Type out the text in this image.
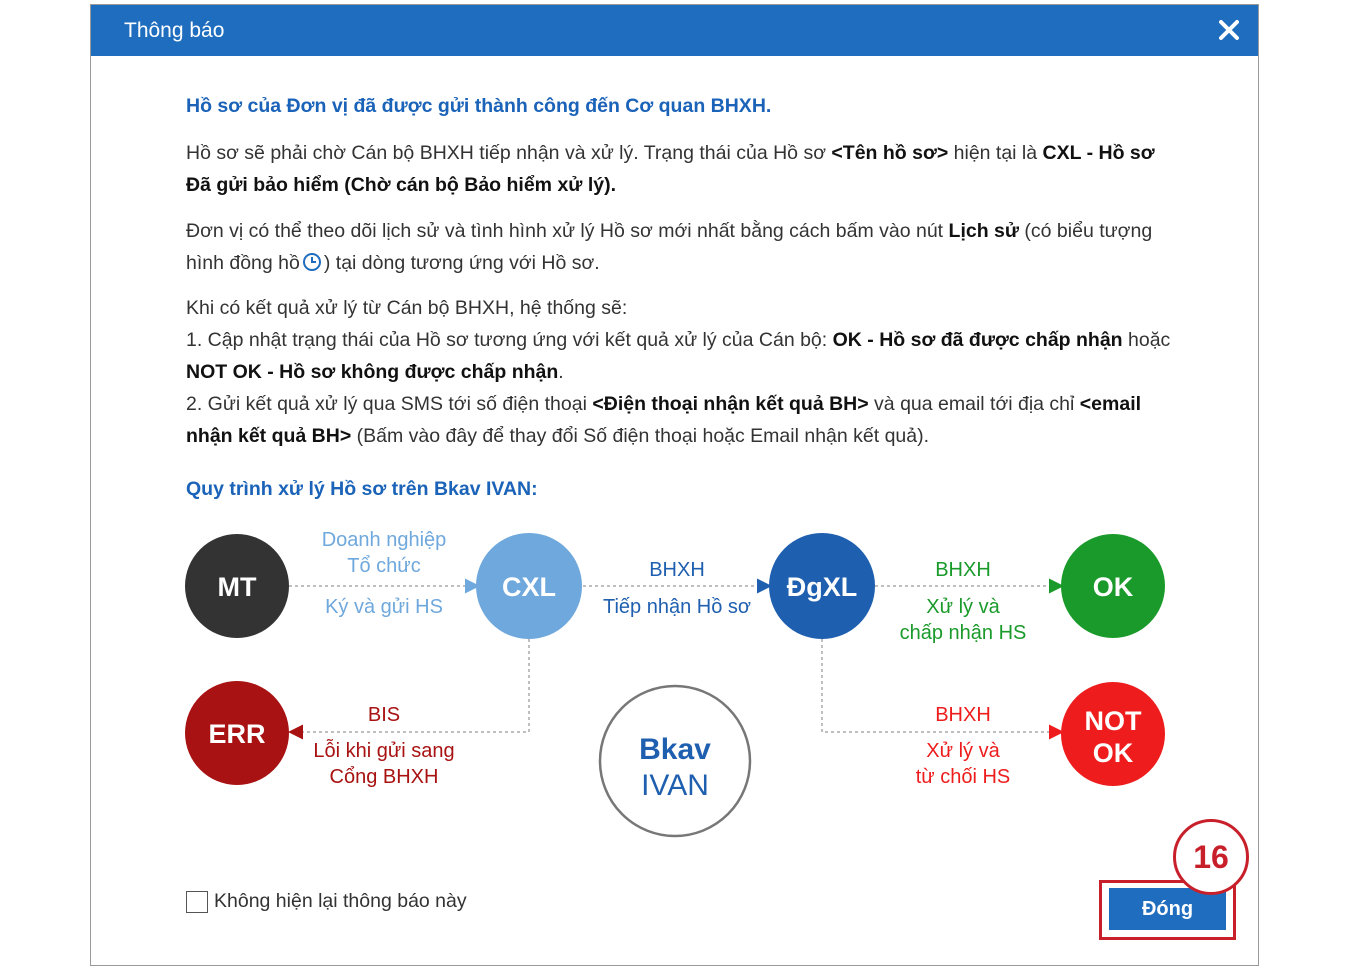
Thông báo

Hồ sơ của Đơn vị đã được gửi thành công đến Cơ quan BHXH.

Hồ sơ sẽ phải chờ Cán bộ BHXH tiếp nhận và xử lý. Trạng thái của Hồ sơ <Tên hồ sơ> hiện tại là CXL - Hồ sơ Đã gửi bảo hiểm (Chờ cán bộ Bảo hiểm xử lý).

Đơn vị có thể theo dõi lịch sử và tình hình xử lý Hồ sơ mới nhất bằng cách bấm vào nút Lịch sử (có biểu tượng hình đồng hồ ) tại dòng tương ứng với Hồ sơ.

Khi có kết quả xử lý từ Cán bộ BHXH, hệ thống sẽ:

1. Cập nhật trạng thái của Hồ sơ tương ứng với kết quả xử lý của Cán bộ: OK - Hồ sơ đã được chấp nhận hoặc NOT OK - Hồ sơ không được chấp nhận.

2. Gửi kết quả xử lý qua SMS tới số điện thoại <Điện thoại nhận kết quả BH> và qua email tới địa chỉ <email nhận kết quả BH> (Bấm vào đây để thay đổi Số điện thoại hoặc Email nhận kết quả).

Quy trình xử lý Hồ sơ trên Bkav IVAN:

MT	CXL	ĐgXL	OK
ERR	NOT
OK
Bkav
IVAN
Doanh nghiệp
Tổ chức
Ký và gửi HS
BHXH
Tiếp nhận Hồ sơ
BHXH
Xử lý và
chấp nhận HS
BIS
Lỗi khi gửi sang
Cổng BHXH
BHXH
Xử lý và
từ chối HS
Không hiện lại thông báo này	Đóng
16
